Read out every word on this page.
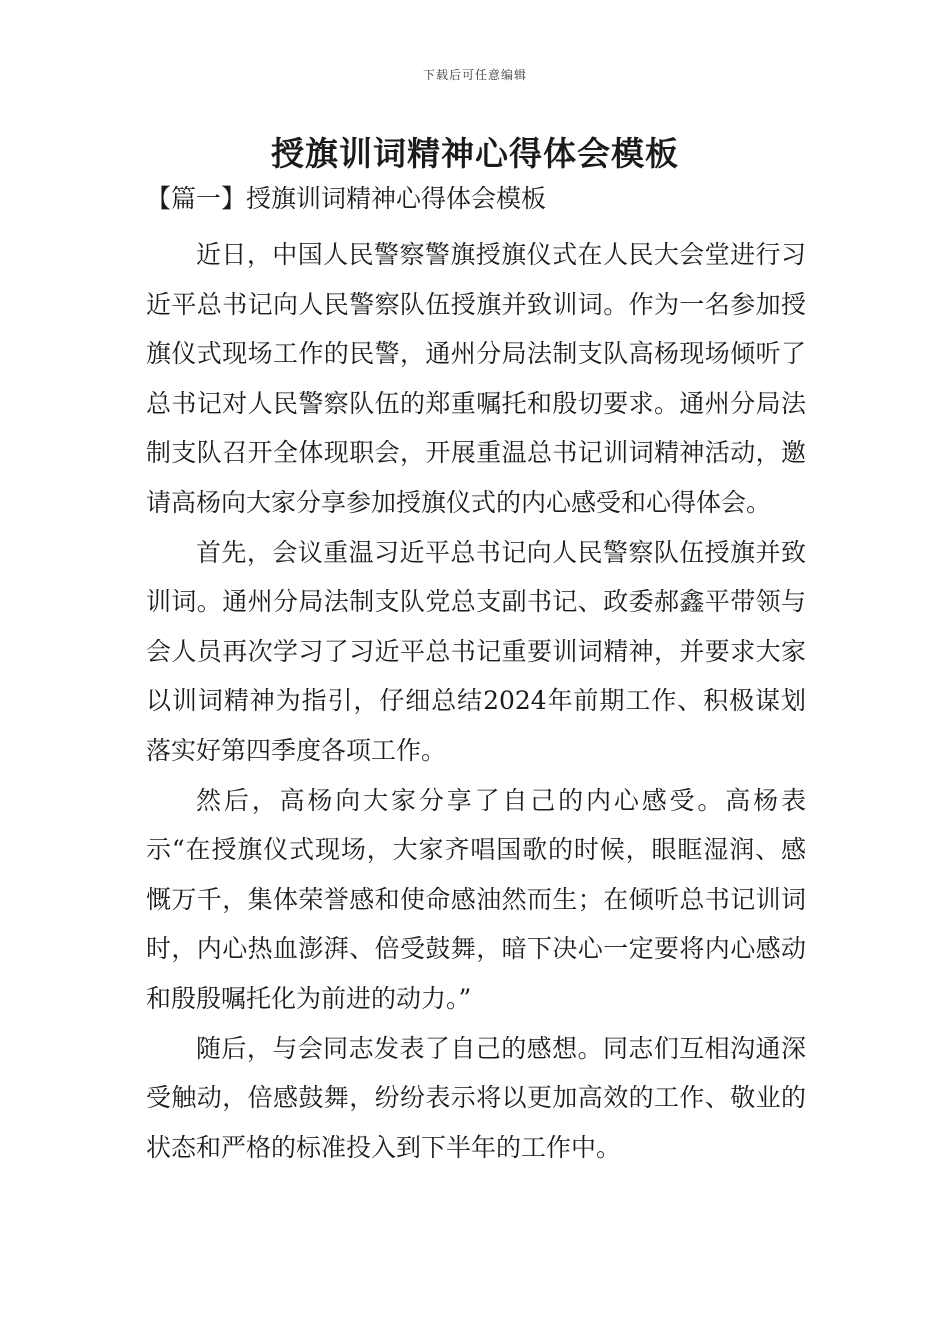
下载后可任意编辑
授旗训词精神心得体会模板
【篇一】授旗训词精神心得体会模板

近日，中国人民警察警旗授旗仪式在人民大会堂进行习近平总书记向人民警察队伍授旗并致训词。作为一名参加授旗仪式现场工作的民警，通州分局法制支队高杨现场倾听了总书记对人民警察队伍的郑重嘱托和殷切要求。通州分局法制支队召开全体现职会，开展重温总书记训词精神活动，邀请高杨向大家分享参加授旗仪式的内心感受和心得体会。

首先，会议重温习近平总书记向人民警察队伍授旗并致训词。通州分局法制支队党总支副书记、政委郝鑫平带领与会人员再次学习了习近平总书记重要训词精神，并要求大家以训词精神为指引，仔细总结2024年前期工作、积极谋划落实好第四季度各项工作。

然后，高杨向大家分享了自己的内心感受。高杨表示“在授旗仪式现场，大家齐唱国歌的时候，眼眶湿润、感慨万千，集体荣誉感和使命感油然而生；在倾听总书记训词时，内心热血澎湃、倍受鼓舞，暗下决心一定要将内心感动和殷殷嘱托化为前进的动力。”

随后，与会同志发表了自己的感想。同志们互相沟通深受触动，倍感鼓舞，纷纷表示将以更加高效的工作、敬业的状态和严格的标准投入到下半年的工作中。
